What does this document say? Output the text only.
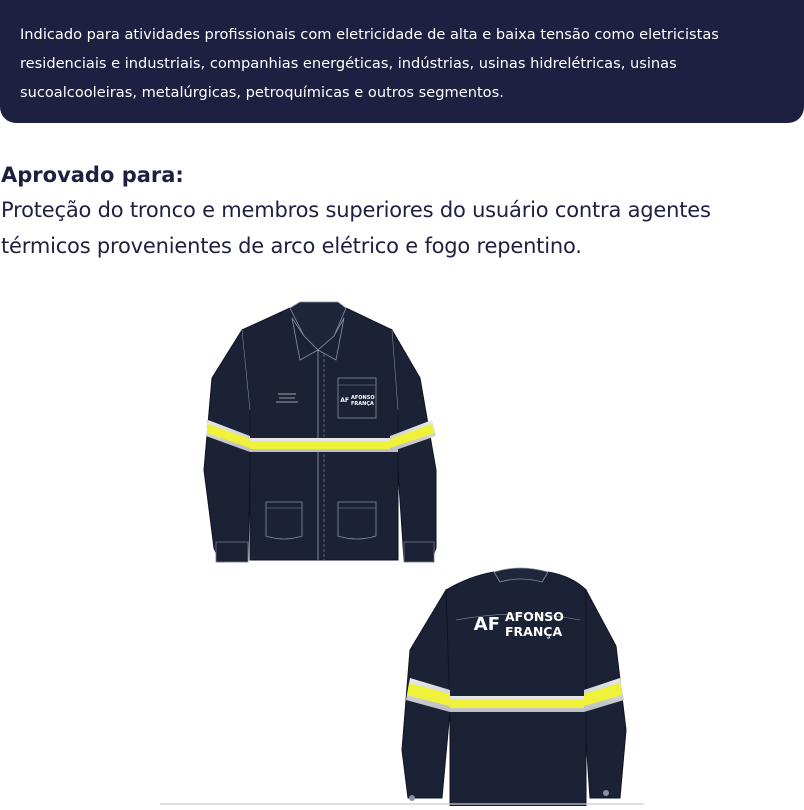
Indicado para atividades profissionais com eletricidade de alta e baixa tensão como eletricistas residenciais e industriais, companhias energéticas, indústrias, usinas hidrelétricas, usinas sucoalcooleiras, metalúrgicas, petroquímicas e outros segmentos.

Aprovado para:

Proteção do tronco e membros superiores do usuário contra agentes térmicos provenientes de arco elétrico e fogo repentino.

AF AFONSO
FRANÇA
AF AFONSO
FRANÇA
